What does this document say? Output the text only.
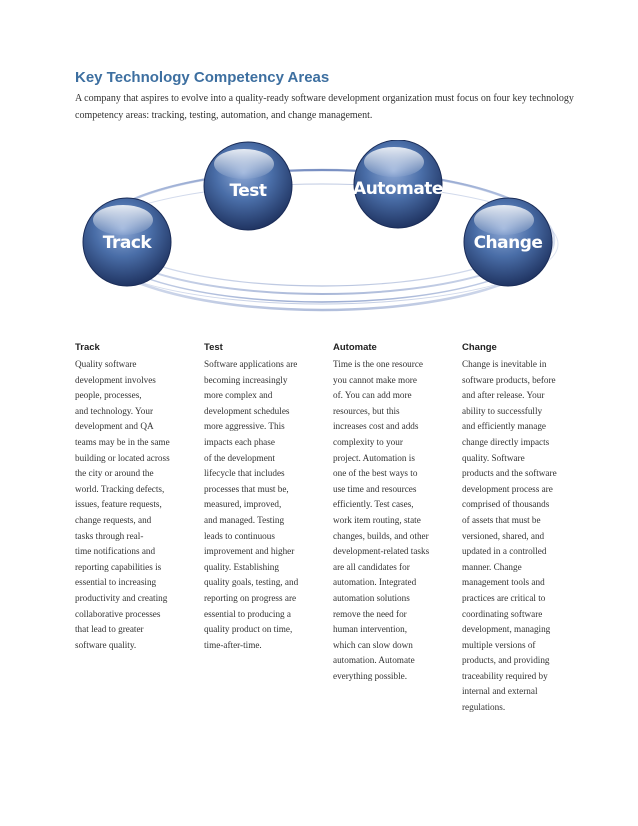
Key Technology Competency Areas

A company that aspires to evolve into a quality-ready software development organization must focus on four key technology competency areas: tracking, testing, automation, and change management.

Track
Test	Automate
Change
Track

Quality software
development involves
people, processes,
and technology. Your
development and QA
teams may be in the same
building or located across
the city or around the
world. Tracking defects,
issues, feature requests,
change requests, and
tasks through real-
time notifications and
reporting capabilities is
essential to increasing
productivity and creating
collaborative processes
that lead to greater
software quality.

Test

Software applications are
becoming increasingly
more complex and
development schedules
more aggressive. This
impacts each phase
of the development
lifecycle that includes
processes that must be,
measured, improved,
and managed. Testing
leads to continuous
improvement and higher
quality. Establishing
quality goals, testing, and
reporting on progress are
essential to producing a
quality product on time,
time-after-time.

Automate

Time is the one resource
you cannot make more
of. You can add more
resources, but this
increases cost and adds
complexity to your
project. Automation is
one of the best ways to
use time and resources
efficiently. Test cases,
work item routing, state
changes, builds, and other
development-related tasks
are all candidates for
automation. Integrated
automation solutions
remove the need for
human intervention,
which can slow down
automation. Automate
everything possible.

Change

Change is inevitable in
software products, before
and after release. Your
ability to successfully
and efficiently manage
change directly impacts
quality. Software
products and the software
development process are
comprised of thousands
of assets that must be
versioned, shared, and
updated in a controlled
manner. Change
management tools and
practices are critical to
coordinating software
development, managing
multiple versions of
products, and providing
traceability required by
internal and external
regulations.
